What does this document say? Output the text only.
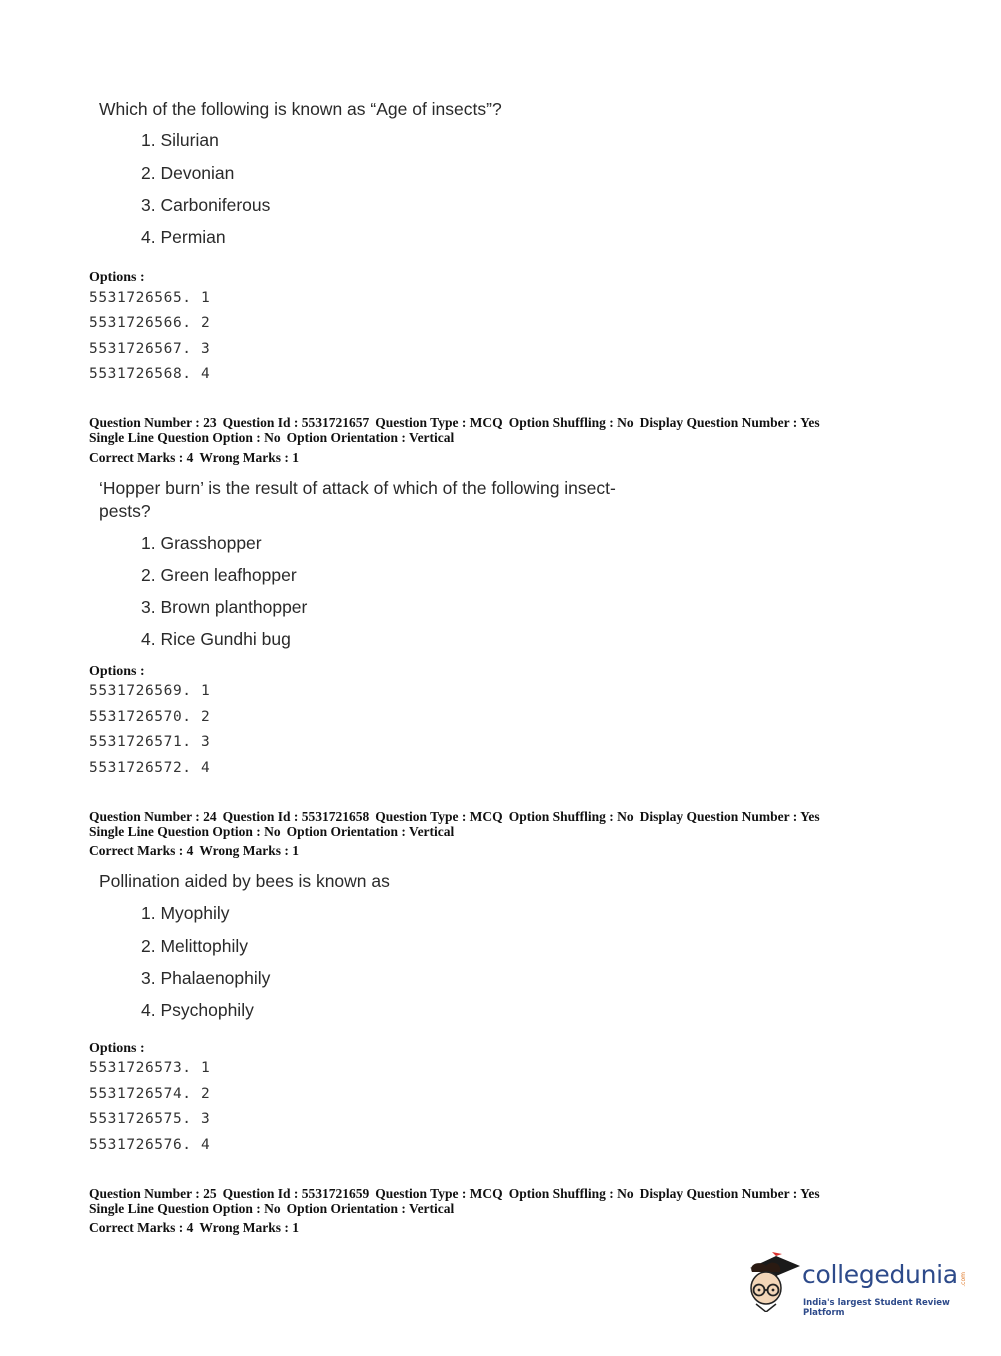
Which of the following is known as “Age of insects”?

1. Silurian
2. Devonian
3. Carboniferous
4. Permian
Options :
5531726565. 1
5531726566. 2
5531726567. 3
5531726568. 4
Question Number : 23 Question Id : 5531721657 Question Type : MCQ Option Shuffling : No Display Question Number : Yes
Single Line Question Option : No Option Orientation : Vertical
Correct Marks : 4 Wrong Marks : 1
‘Hopper burn’ is the result of attack of which of the following insect-
pests?
1. Grasshopper
2. Green leafhopper
3. Brown planthopper
4. Rice Gundhi bug
Options :
5531726569. 1
5531726570. 2
5531726571. 3
5531726572. 4
Question Number : 24 Question Id : 5531721658 Question Type : MCQ Option Shuffling : No Display Question Number : Yes
Single Line Question Option : No Option Orientation : Vertical
Correct Marks : 4 Wrong Marks : 1

Pollination aided by bees is known as

1. Myophily
2. Melittophily
3. Phalaenophily
4. Psychophily
Options :
5531726573. 1
5531726574. 2
5531726575. 3
5531726576. 4
Question Number : 25 Question Id : 5531721659 Question Type : MCQ Option Shuffling : No Display Question Number : Yes
Single Line Question Option : No Option Orientation : Vertical
Correct Marks : 4 Wrong Marks : 1
collegedunia .com
India's largest Student Review Platform
